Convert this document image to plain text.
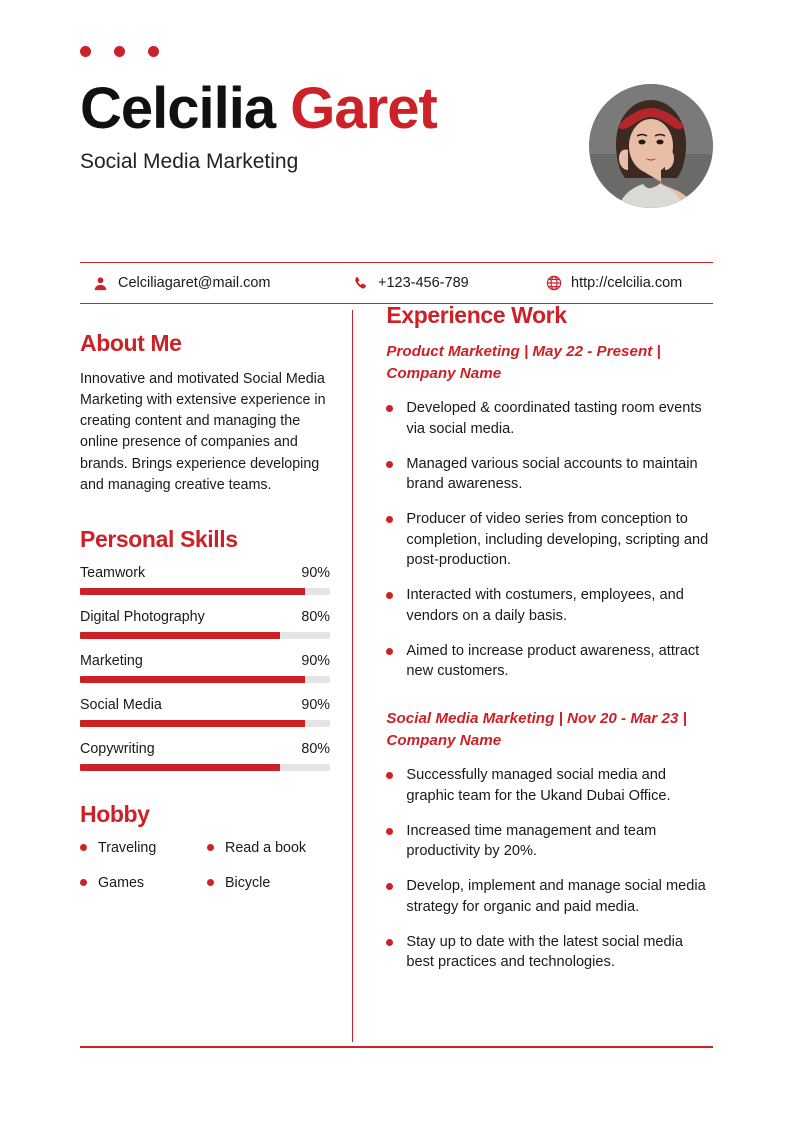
Celcilia Garet
Social Media Marketing
Celciliagaret@mail.com	+123-456-789	http://celcilia.com
About Me

Innovative and motivated Social Media Marketing with extensive experience in creating content and managing the online presence of companies and brands. Brings experience developing and managing creative teams.

Personal Skills
Teamwork	90%
Digital Photography	80%
Marketing	90%
Social Media	90%
Copywriting	80%
Hobby
Traveling	Read a book
Games	Bicycle
Experience Work

Product Marketing | May 22 - Present | Company Name

Developed & coordinated tasting room events via social media.
Managed various social accounts to maintain brand awareness.
Producer of video series from conception to completion, including developing, scripting and post-production.
Interacted with costumers, employees, and vendors on a daily basis.
Aimed to increase product awareness, attract new customers.

Social Media Marketing | Nov 20 - Mar 23 | Company Name

Successfully managed social media and graphic team for the Ukand Dubai Office.
Increased time management and team productivity by 20%.
Develop, implement and manage social media strategy for organic and paid media.
Stay up to date with the latest social media best practices and technologies.
